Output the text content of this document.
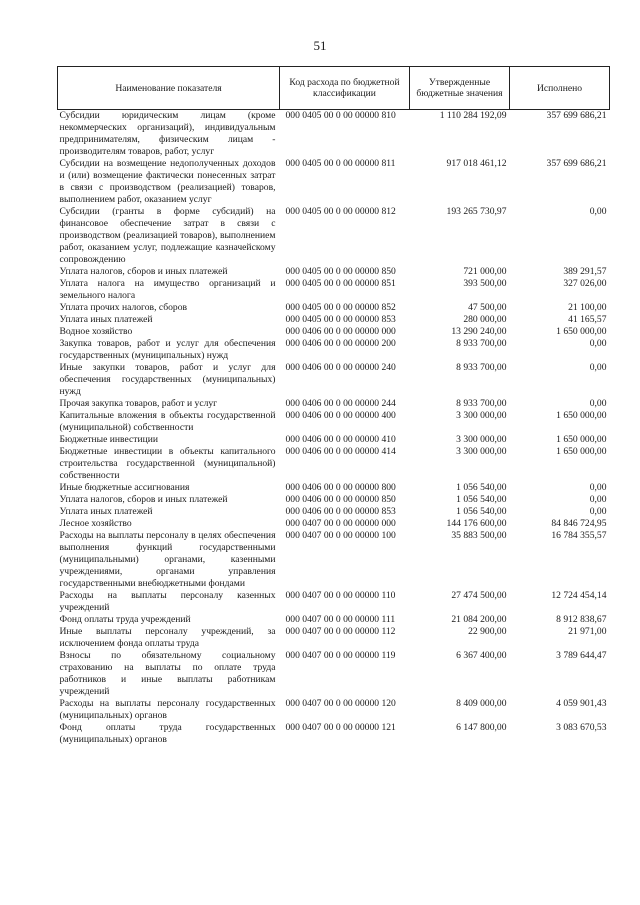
51
Наименование показателя	Код расхода по бюджетной классификации	Утвержденные бюджетные значения	Исполнено
Субсидии юридическим лицам (кроме некоммерческих организаций), индивидуальным предпринимателям, физическим лицам - производителям товаров, работ, услуг	000 0405 00 0 00 00000 810	1 110 284 192,09	357 699 686,21
Субсидии на возмещение недополученных доходов и (или) возмещение фактически понесенных затрат в связи с производством (реализацией) товаров, выполнением работ, оказанием услуг	000 0405 00 0 00 00000 811	917 018 461,12	357 699 686,21
Субсидии (гранты в форме субсидий) на финансовое обеспечение затрат в связи с производством (реализацией товаров), выполнением работ, оказанием услуг, подлежащие казначейскому сопровождению	000 0405 00 0 00 00000 812	193 265 730,97	0,00
Уплата налогов, сборов и иных платежей	000 0405 00 0 00 00000 850	721 000,00	389 291,57
Уплата налога на имущество организаций и земельного налога	000 0405 00 0 00 00000 851	393 500,00	327 026,00
Уплата прочих налогов, сборов	000 0405 00 0 00 00000 852	47 500,00	21 100,00
Уплата иных платежей	000 0405 00 0 00 00000 853	280 000,00	41 165,57
Водное хозяйство	000 0406 00 0 00 00000 000	13 290 240,00	1 650 000,00
Закупка товаров, работ и услуг для обеспечения государственных (муниципальных) нужд	000 0406 00 0 00 00000 200	8 933 700,00	0,00
Иные закупки товаров, работ и услуг для обеспечения государственных (муниципальных) нужд	000 0406 00 0 00 00000 240	8 933 700,00	0,00
Прочая закупка товаров, работ и услуг	000 0406 00 0 00 00000 244	8 933 700,00	0,00
Капитальные вложения в объекты государственной (муниципальной) собственности	000 0406 00 0 00 00000 400	3 300 000,00	1 650 000,00
Бюджетные инвестиции	000 0406 00 0 00 00000 410	3 300 000,00	1 650 000,00
Бюджетные инвестиции в объекты капитального строительства государственной (муниципальной) собственности	000 0406 00 0 00 00000 414	3 300 000,00	1 650 000,00
Иные бюджетные ассигнования	000 0406 00 0 00 00000 800	1 056 540,00	0,00
Уплата налогов, сборов и иных платежей	000 0406 00 0 00 00000 850	1 056 540,00	0,00
Уплата иных платежей	000 0406 00 0 00 00000 853	1 056 540,00	0,00
Лесное хозяйство	000 0407 00 0 00 00000 000	144 176 600,00	84 846 724,95
Расходы на выплаты персоналу в целях обеспечения выполнения функций государственными (муниципальными) органами, казенными учреждениями, органами управления государственными внебюджетными фондами	000 0407 00 0 00 00000 100	35 883 500,00	16 784 355,57
Расходы на выплаты персоналу казенных учреждений	000 0407 00 0 00 00000 110	27 474 500,00	12 724 454,14
Фонд оплаты труда учреждений	000 0407 00 0 00 00000 111	21 084 200,00	8 912 838,67
Иные выплаты персоналу учреждений, за исключением фонда оплаты труда	000 0407 00 0 00 00000 112	22 900,00	21 971,00
Взносы по обязательному социальному страхованию на выплаты по оплате труда работников и иные выплаты работникам учреждений	000 0407 00 0 00 00000 119	6 367 400,00	3 789 644,47
Расходы на выплаты персоналу государственных (муниципальных) органов	000 0407 00 0 00 00000 120	8 409 000,00	4 059 901,43
Фонд оплаты труда государственных (муниципальных) органов	000 0407 00 0 00 00000 121	6 147 800,00	3 083 670,53
